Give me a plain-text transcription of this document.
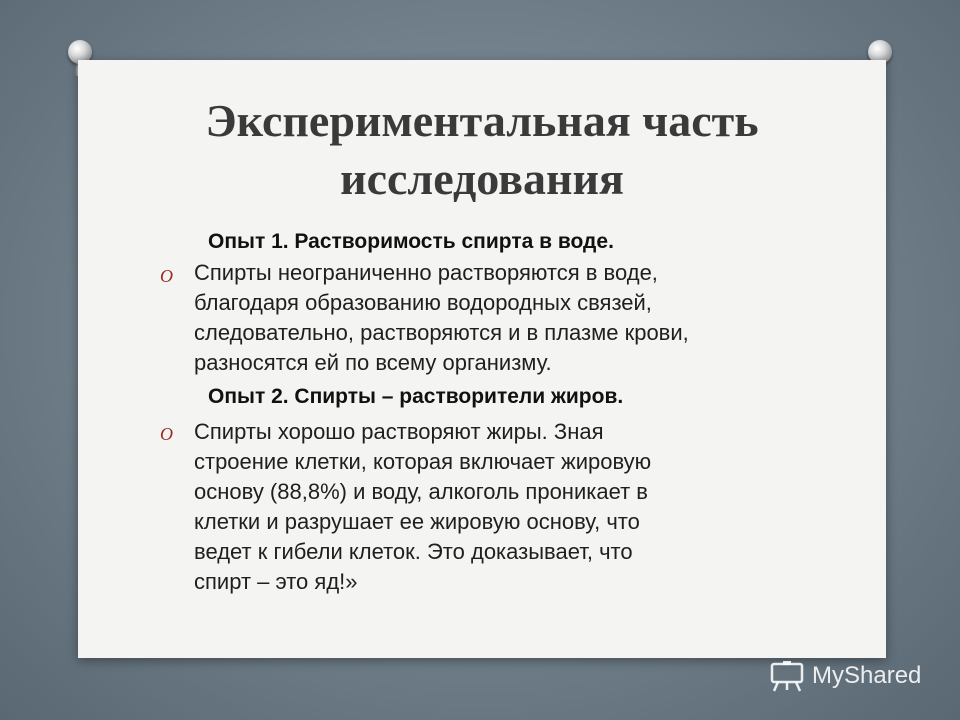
Экспериментальная часть
исследования
Опыт 1. Растворимость спирта в воде.
O Спирты неограниченно растворяются в воде,
благодаря образованию водородных связей,
следовательно, растворяются и в плазме крови,
разносятся ей по всему организму.
Опыт 2. Спирты – растворители жиров.
O Спирты хорошо растворяют жиры. Зная
строение клетки, которая включает жировую
основу (88,8%) и воду, алкоголь проникает в
клетки и разрушает ее жировую основу, что
ведет к гибели клеток. Это доказывает, что
спирт – это яд!»
MyShared
